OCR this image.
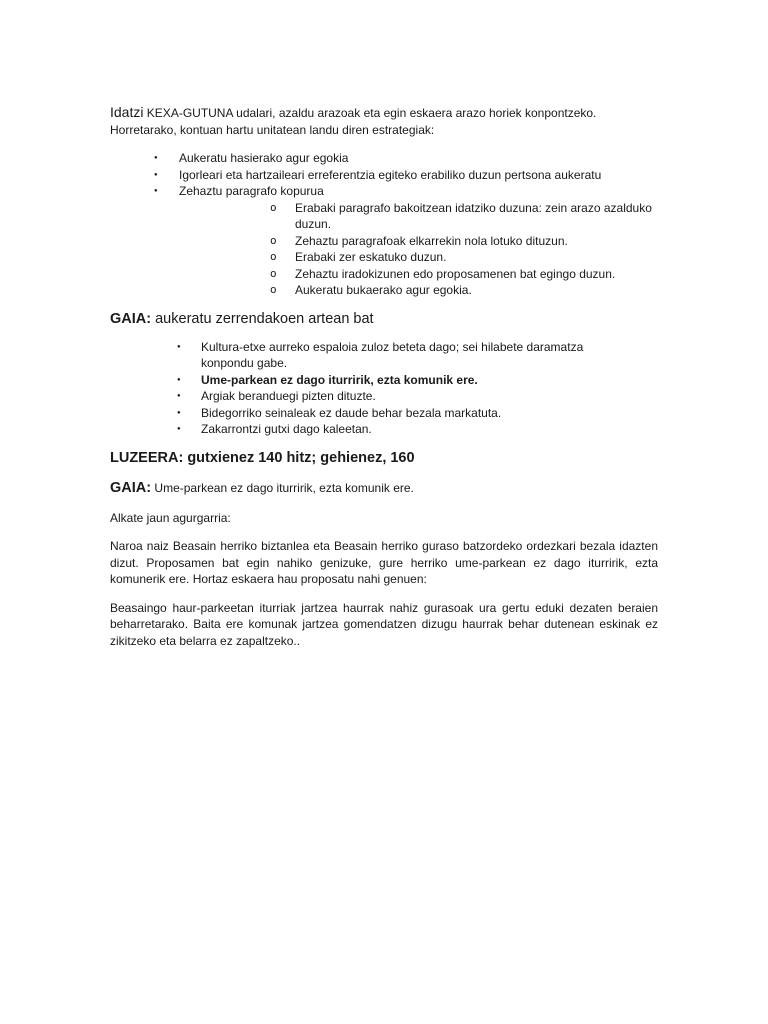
Idatzi KEXA-GUTUNA udalari, azaldu arazoak eta egin eskaera arazo horiek konpontzeko. Horretarako, kontuan hartu unitatean landu diren estrategiak:

● Aukeratu hasierako agur egokia
● Igorleari eta hartzaileari erreferentzia egiteko erabiliko duzun pertsona aukeratu
● Zehaztu paragrafo kopurua
o Erabaki paragrafo bakoitzean idatziko duzuna: zein arazo azalduko duzun.
o Zehaztu paragrafoak elkarrekin nola lotuko dituzun.
o Erabaki zer eskatuko duzun.
o Zehaztu iradokizunen edo proposamenen bat egingo duzun.
o Aukeratu bukaerako agur egokia.
GAIA: aukeratu zerrendakoen artean bat
● Kultura-etxe aurreko espaloia zuloz beteta dago; sei hilabete daramatza konpondu gabe.
● Ume-parkean ez dago iturririk, ezta komunik ere.
● Argiak beranduegi pizten dituzte.
● Bidegorriko seinaleak ez daude behar bezala markatuta.
● Zakarrontzi gutxi dago kaleetan.
LUZEERA: gutxienez 140 hitz; gehienez, 160

GAIA: Ume-parkean ez dago iturririk, ezta komunik ere.

Alkate jaun agurgarria:

Naroa naiz Beasain herriko biztanlea eta Beasain herriko guraso batzordeko ordezkari bezala idazten dizut. Proposamen bat egin nahiko genizuke, gure herriko ume-parkean ez dago iturririk, ezta komunerik ere. Hortaz eskaera hau proposatu nahi genuen:

Beasaingo haur-parkeetan iturriak jartzea haurrak nahiz gurasoak ura gertu eduki dezaten beraien beharretarako. Baita ere komunak jartzea gomendatzen dizugu haurrak behar dutenean eskinak ez zikitzeko eta belarra ez zapaltzeko..
